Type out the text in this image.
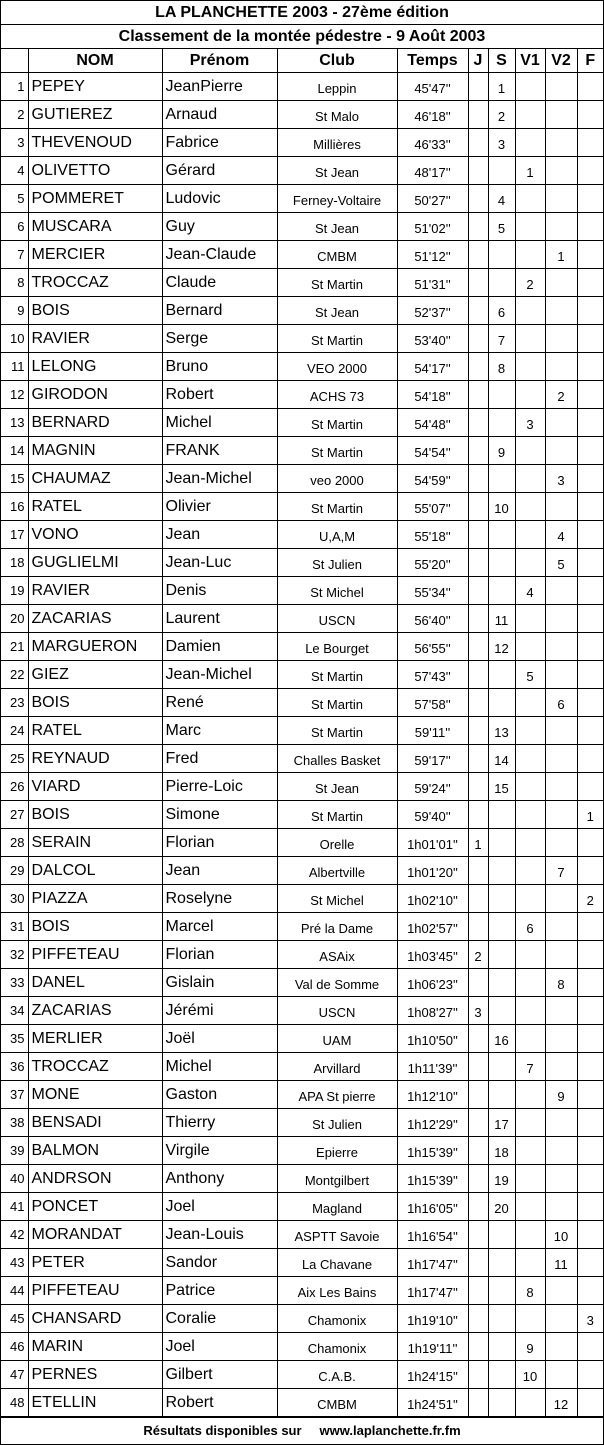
LA PLANCHETTE 2003 - 27ème édition
Classement de la montée pédestre - 9 Août 2003
	NOM	Prénom	Club	Temps	J	S	V1	V2	F
1	PEPEY	JeanPierre	Leppin	45'47''		1			
2	GUTIEREZ	Arnaud	St Malo	46'18''		2			
3	THEVENOUD	Fabrice	Millières	46'33''		3			
4	OLIVETTO	Gérard	St Jean	48'17''			1		
5	POMMERET	Ludovic	Ferney-Voltaire	50'27''		4			
6	MUSCARA	Guy	St Jean	51'02''		5			
7	MERCIER	Jean-Claude	CMBM	51'12''				1	
8	TROCCAZ	Claude	St Martin	51'31''			2		
9	BOIS	Bernard	St Jean	52'37''		6			
10	RAVIER	Serge	St Martin	53'40''		7			
11	LELONG	Bruno	VEO 2000	54'17''		8			
12	GIRODON	Robert	ACHS 73	54'18''				2	
13	BERNARD	Michel	St Martin	54'48''			3		
14	MAGNIN	FRANK	St Martin	54'54''		9			
15	CHAUMAZ	Jean-Michel	veo 2000	54'59''				3	
16	RATEL	Olivier	St Martin	55'07''		10			
17	VONO	Jean	U,A,M	55'18''				4	
18	GUGLIELMI	Jean-Luc	St Julien	55'20''				5	
19	RAVIER	Denis	St Michel	55'34''			4		
20	ZACARIAS	Laurent	USCN	56'40''		11			
21	MARGUERON	Damien	Le Bourget	56'55''		12			
22	GIEZ	Jean-Michel	St Martin	57'43''			5		
23	BOIS	René	St Martin	57'58''				6	
24	RATEL	Marc	St Martin	59'11''		13			
25	REYNAUD	Fred	Challes Basket	59'17''		14			
26	VIARD	Pierre-Loic	St Jean	59'24''		15			
27	BOIS	Simone	St Martin	59'40''					1
28	SERAIN	Florian	Orelle	1h01'01''	1				
29	DALCOL	Jean	Albertville	1h01'20''				7	
30	PIAZZA	Roselyne	St Michel	1h02'10''					2
31	BOIS	Marcel	Pré la Dame	1h02'57''			6		
32	PIFFETEAU	Florian	ASAix	1h03'45''	2				
33	DANEL	Gislain	Val de Somme	1h06'23''				8	
34	ZACARIAS	Jérémi	USCN	1h08'27''	3				
35	MERLIER	Joël	UAM	1h10'50''		16			
36	TROCCAZ	Michel	Arvillard	1h11'39''			7		
37	MONE	Gaston	APA St pierre	1h12'10''				9	
38	BENSADI	Thierry	St Julien	1h12'29''		17			
39	BALMON	Virgile	Epierre	1h15'39''		18			
40	ANDRSON	Anthony	Montgilbert	1h15'39''		19			
41	PONCET	Joel	Magland	1h16'05''		20			
42	MORANDAT	Jean-Louis	ASPTT Savoie	1h16'54''				10	
43	PETER	Sandor	La Chavane	1h17'47''				11	
44	PIFFETEAU	Patrice	Aix Les Bains	1h17'47''			8		
45	CHANSARD	Coralie	Chamonix	1h19'10''					3
46	MARIN	Joel	Chamonix	1h19'11''			9		
47	PERNES	Gilbert	C.A.B.	1h24'15''			10		
48	ETELLIN	Robert	CMBM	1h24'51''				12	
Résultats disponibles sur www.laplanchette.fr.fm
